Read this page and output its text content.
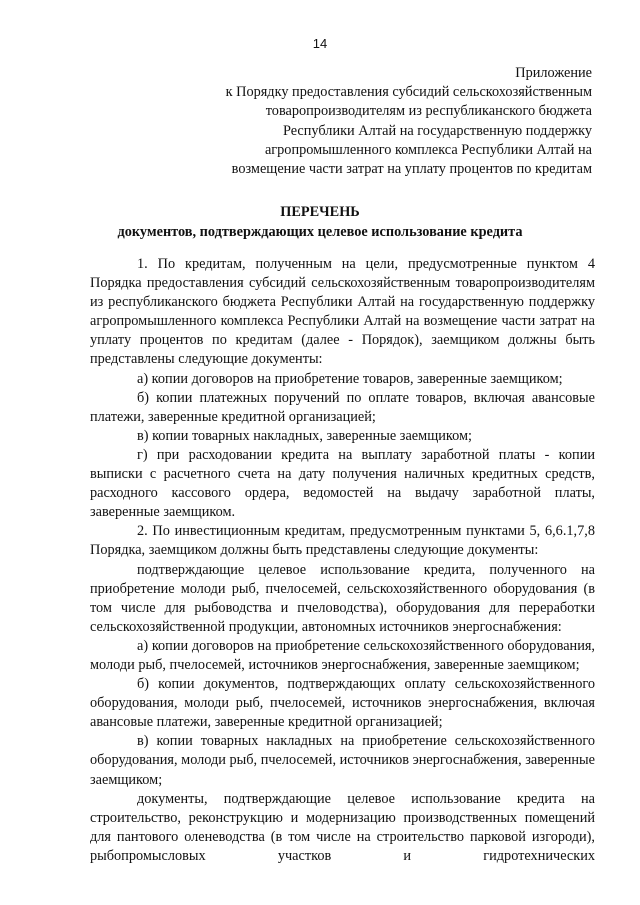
14
Приложение
к Порядку предоставления субсидий сельскохозяйственным
товаропроизводителям из республиканского бюджета
Республики Алтай на государственную поддержку
агропромышленного комплекса Республики Алтай на
возмещение части затрат на уплату процентов по кредитам
ПЕРЕЧЕНЬ
документов, подтверждающих целевое использование кредита

1. По кредитам, полученным на цели, предусмотренные пунктом 4 Порядка предоставления субсидий сельскохозяйственным товаропроизводителям из республиканского бюджета Республики Алтай на государственную поддержку агропромышленного комплекса Республики Алтай на возмещение части затрат на уплату процентов по кредитам (далее - Порядок), заемщиком должны быть представлены следующие документы:

а) копии договоров на приобретение товаров, заверенные заемщиком;

б) копии платежных поручений по оплате товаров, включая авансовые платежи, заверенные кредитной организацией;

в) копии товарных накладных, заверенные заемщиком;

г) при расходовании кредита на выплату заработной платы - копии выписки с расчетного счета на дату получения наличных кредитных средств, расходного кассового ордера, ведомостей на выдачу заработной платы, заверенные заемщиком.

2. По инвестиционным кредитам, предусмотренным пунктами 5, 6,6.1,7,8 Порядка, заемщиком должны быть представлены следующие документы:

подтверждающие целевое использование кредита, полученного на приобретение молоди рыб, пчелосемей, сельскохозяйственного оборудования (в том числе для рыбоводства и пчеловодства), оборудования для переработки сельскохозяйственной продукции, автономных источников энергоснабжения:

а) копии договоров на приобретение сельскохозяйственного оборудования, молоди рыб, пчелосемей, источников энергоснабжения, заверенные заемщиком;

б) копии документов, подтверждающих оплату сельскохозяйственного оборудования, молоди рыб, пчелосемей, источников энергоснабжения, включая авансовые платежи, заверенные кредитной организацией;

в) копии товарных накладных на приобретение сельскохозяйственного оборудования, молоди рыб, пчелосемей, источников энергоснабжения, заверенные заемщиком;

документы, подтверждающие целевое использование кредита на строительство, реконструкцию и модернизацию производственных помещений для пантового оленеводства (в том числе на строительство парковой изгороди), рыбопромысловых участков и гидротехнических
